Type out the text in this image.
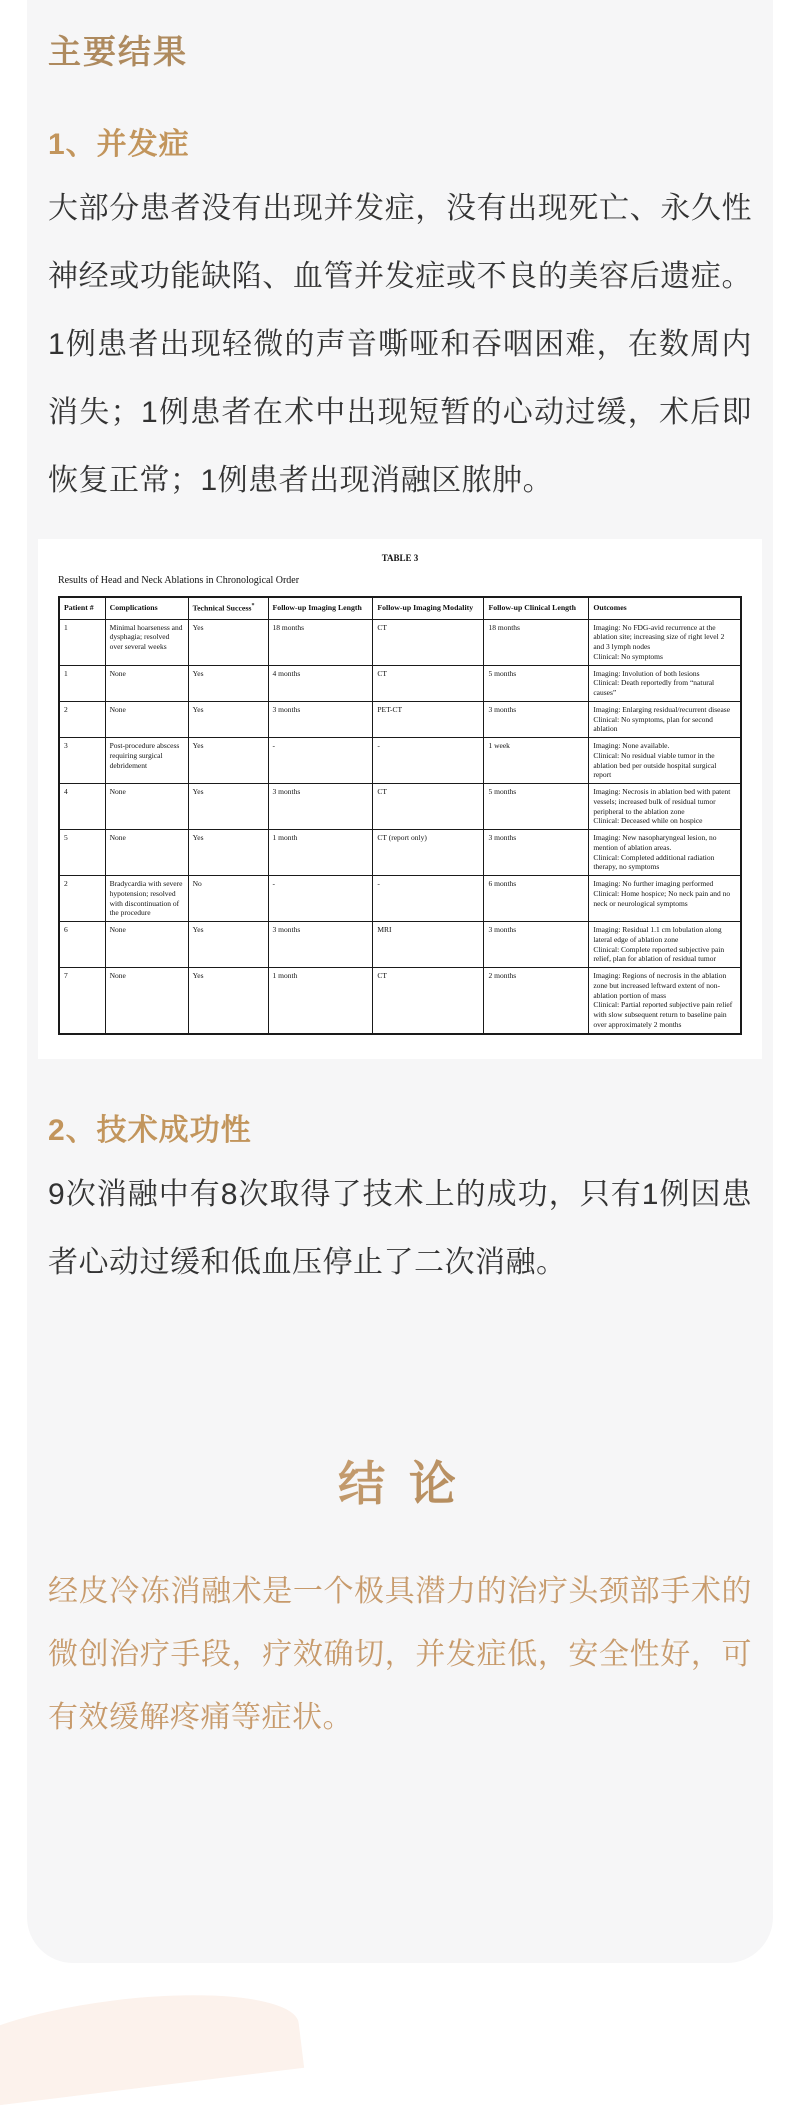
主要结果
1、并发症

大部分患者没有出现并发症，没有出现死亡、永久性神经或功能缺陷、血管并发症或不良的美容后遗症。1例患者出现轻微的声音嘶哑和吞咽困难，在数周内消失；1例患者在术中出现短暂的心动过缓，术后即恢复正常；1例患者出现消融区脓肿。

TABLE 3
Results of Head and Neck Ablations in Chronological Order
Patient #	Complications	Technical Success*	Follow-up Imaging Length	Follow-up Imaging Modality	Follow-up Clinical Length	Outcomes
1	Minimal hoarseness and dysphagia; resolved over several weeks	Yes	18 months	CT	18 months	Imaging: No FDG-avid recurrence at the ablation site; increasing size of right level 2 and 3 lymph nodes
Clinical: No symptoms

1	None	Yes	4 months	CT	5 months	Imaging: Involution of both lesions
Clinical: Death reportedly from “natural causes”

2	None	Yes	3 months	PET-CT	3 months	Imaging: Enlarging residual/recurrent disease
Clinical: No symptoms, plan for second ablation

3	Post-procedure abscess requiring surgical debridement	Yes	-	-	1 week	Imaging: None available.
Clinical: No residual viable tumor in the ablation bed per outside hospital surgical report

4	None	Yes	3 months	CT	5 months	Imaging: Necrosis in ablation bed with patent vessels; increased bulk of residual tumor peripheral to the ablation zone
Clinical: Deceased while on hospice

5	None	Yes	1 month	CT (report only)	3 months	Imaging: New nasopharyngeal lesion, no mention of ablation areas.
Clinical: Completed additional radiation therapy, no symptoms

2	Bradycardia with severe hypotension; resolved with discontinuation of the procedure	No	-	-	6 months	Imaging: No further imaging performed
Clinical: Home hospice; No neck pain and no neck or neurological symptoms

6	None	Yes	3 months	MRI	3 months	Imaging: Residual 1.1 cm lobulation along lateral edge of ablation zone
Clinical: Complete reported subjective pain relief, plan for ablation of residual tumor

7	None	Yes	1 month	CT	2 months	Imaging: Regions of necrosis in the ablation zone but increased leftward extent of non-ablation portion of mass
Clinical: Partial reported subjective pain relief with slow subsequent return to baseline pain over approximately 2 months
2、技术成功性

9次消融中有8次取得了技术上的成功，只有1例因患者心动过缓和低血压停止了二次消融。

结 论

经皮冷冻消融术是一个极具潜力的治疗头颈部手术的微创治疗手段，疗效确切，并发症低，安全性好，可有效缓解疼痛等症状。
